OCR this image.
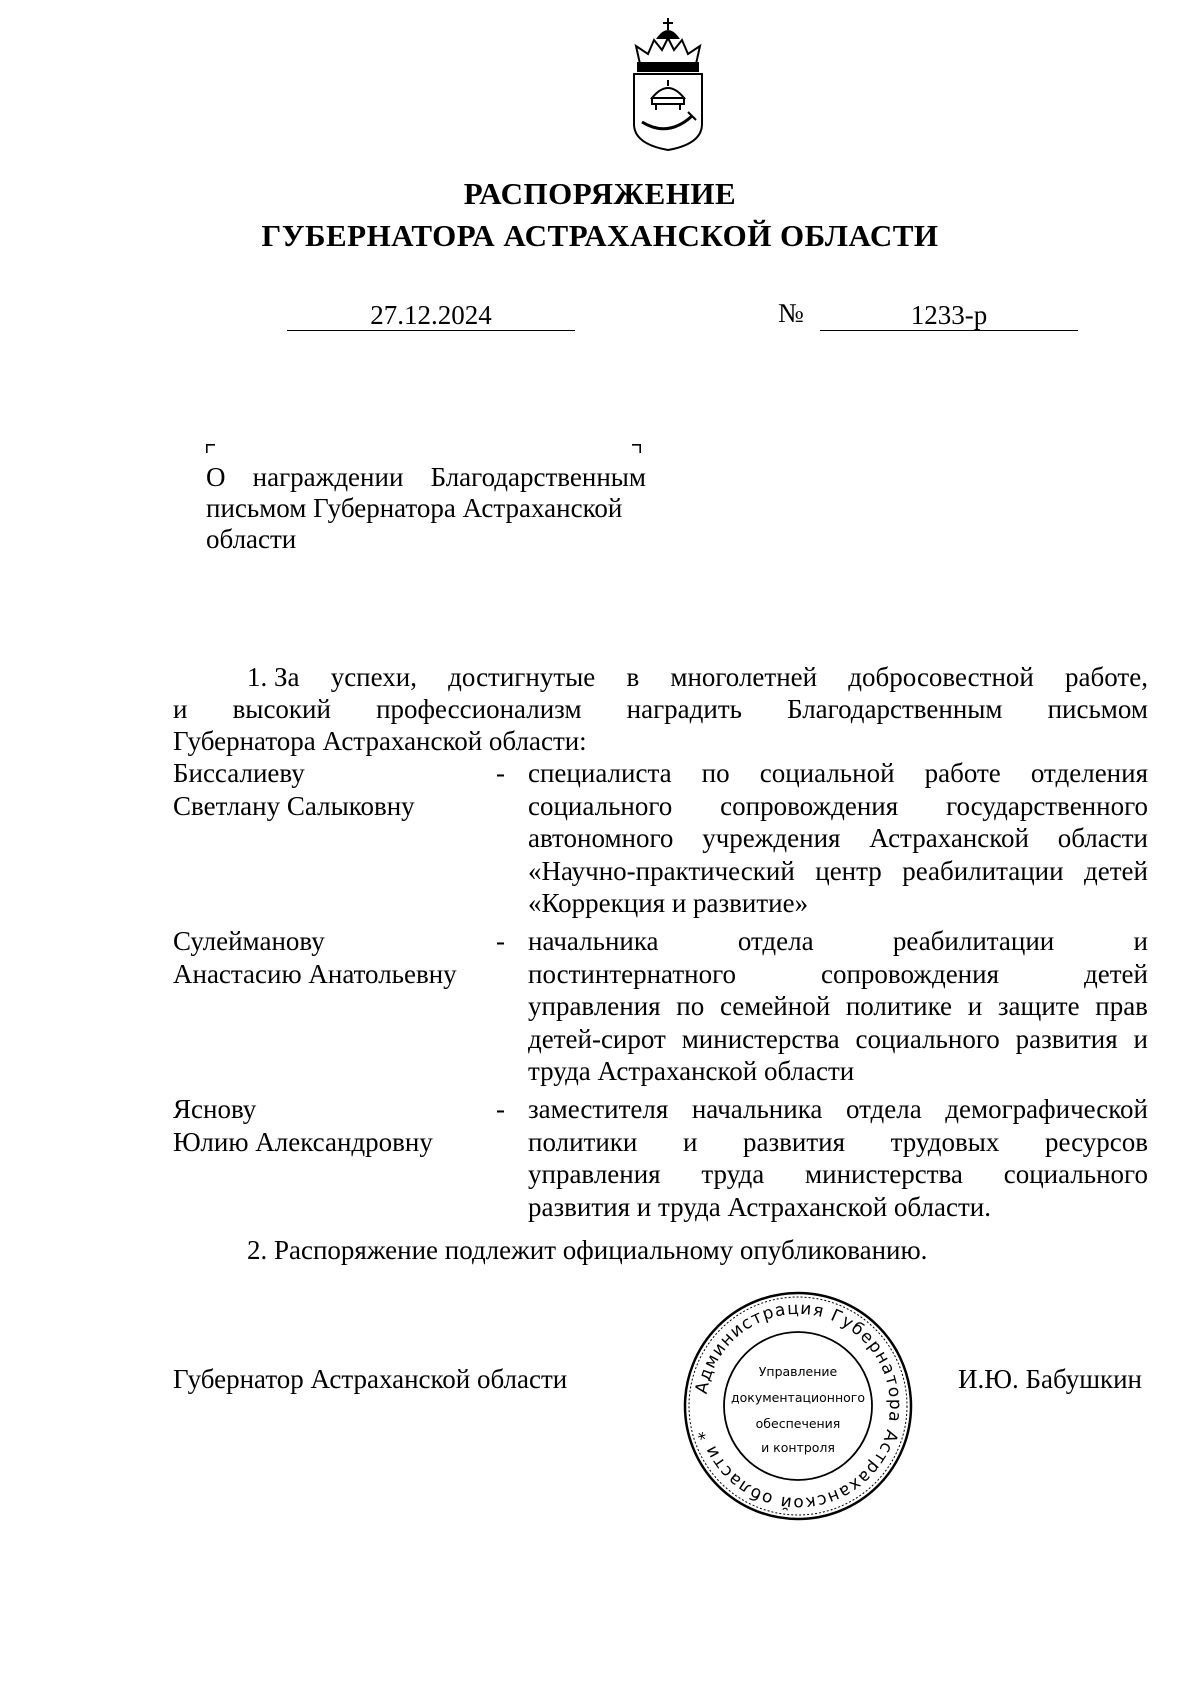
РАСПОРЯЖЕНИЕ
ГУБЕРНАТОРА АСТРАХАНСКОЙ ОБЛАСТИ
27.12.2024	№	1233-р
О награждении Благодарственным
письмом Губернатора Астраханской
области
1. За успехи, достигнутые в многолетней добросовестной работе,
и высокий профессионализм наградить Благодарственным письмом
Губернатора Астраханской области:
Биссалиеву
Светлану Салыковну
- специалиста по социальной работе отделения
социального сопровождения государственного
автономного учреждения Астраханской области
«Научно-практический центр реабилитации детей
«Коррекция и развитие»
Сулейманову
Анастасию Анатольевну
- начальника	отдела	реабилитации	и
постинтернатного	сопровождения	детей
управления по семейной политике и защите прав
детей-сирот министерства социального развития и
труда Астраханской области
Яснову
Юлию Александровну
- заместителя начальника отдела демографической
политики и развития трудовых ресурсов
управления труда министерства социального
развития и труда Астраханской области.
2. Распоряжение подлежит официальному опубликованию.
Губернатор Астраханской области	И.Ю. Бабушкин
Администрация Губернатора Астраханской области *
Управление
документационного
обеспечения
и контроля
